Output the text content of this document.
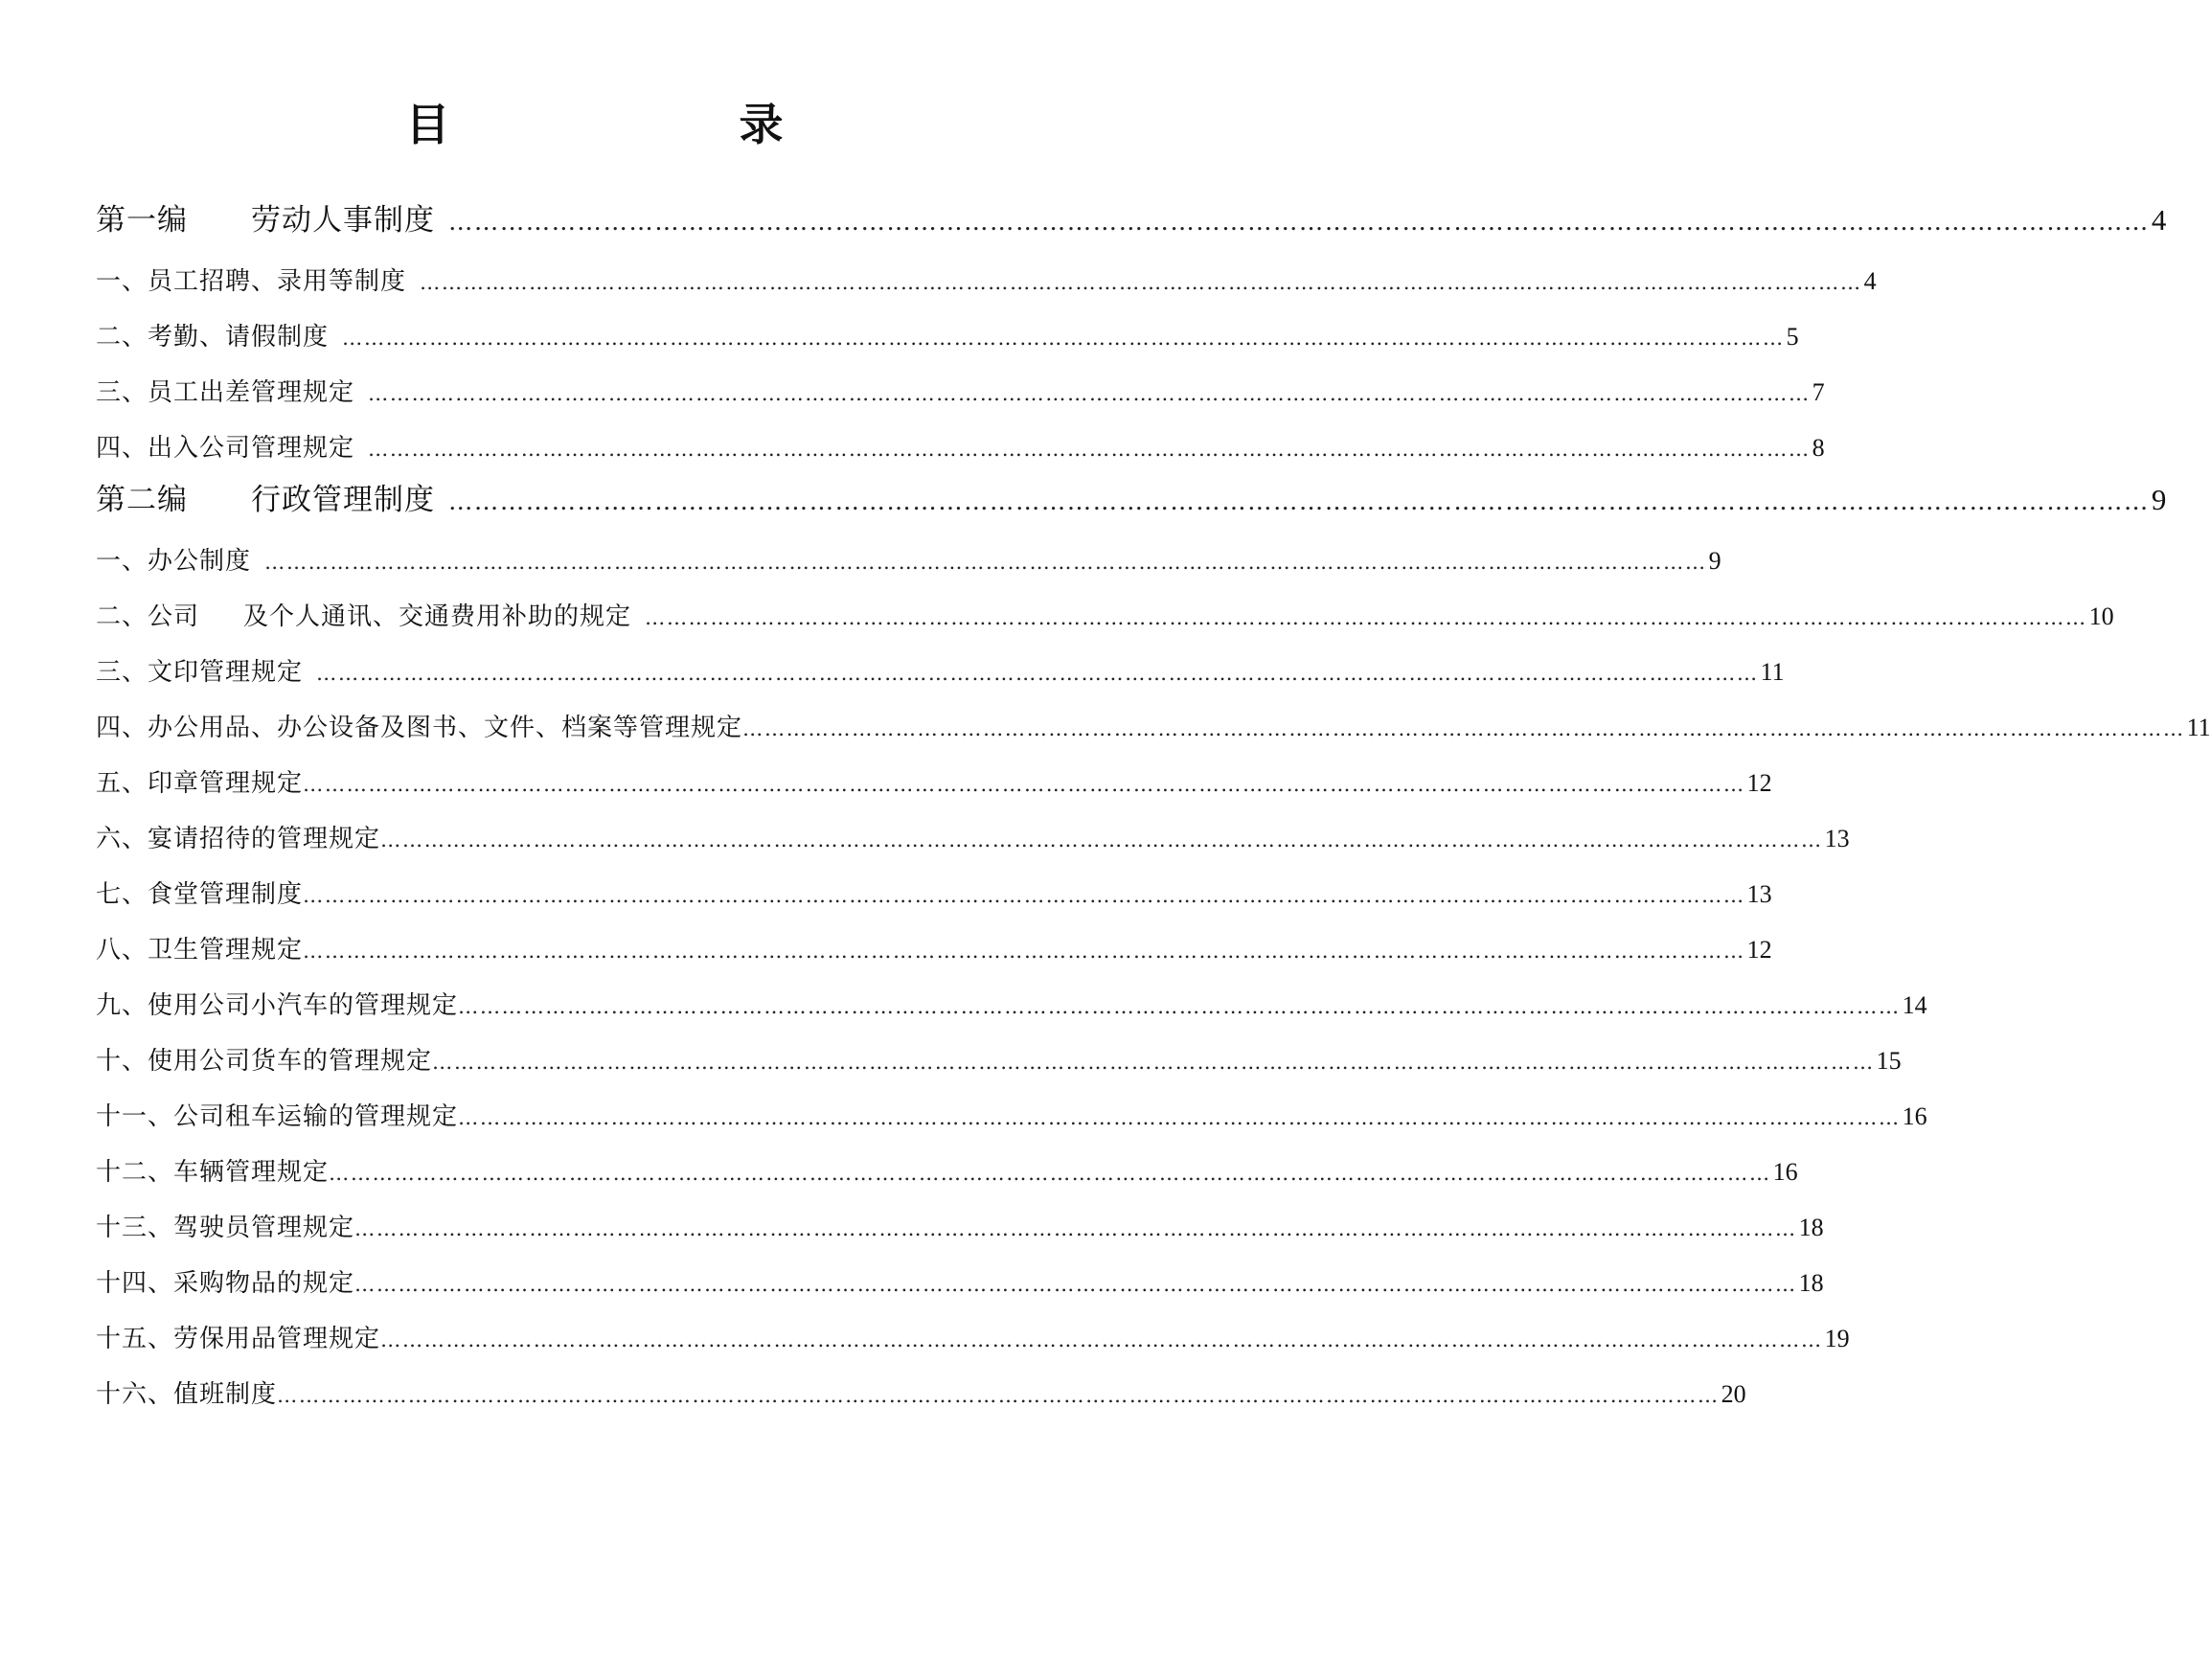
目　录
第一编 劳动人事制度 ……………………………………………………………………………………………………………………………………………………………………………… 4
一、员工招聘、录用等制度 ……………………………………………………………………………………………………………………………………………………………………………… 4
二、考勤、请假制度 ……………………………………………………………………………………………………………………………………………………………………………… 5
三、员工出差管理规定 ……………………………………………………………………………………………………………………………………………………………………………… 7
四、出入公司管理规定 ……………………………………………………………………………………………………………………………………………………………………………… 8
第二编 行政管理制度 ……………………………………………………………………………………………………………………………………………………………………………… 9
一、办公制度 ……………………………………………………………………………………………………………………………………………………………………………… 9
二、公司 及个人通讯、交通费用补助的规定 ……………………………………………………………………………………………………………………………………………………………………………… 10
三、文印管理规定 ……………………………………………………………………………………………………………………………………………………………………………… 11
四、办公用品、办公设备及图书、文件、档案等管理规定 ……………………………………………………………………………………………………………………………………………………………………………… 11
五、印章管理规定 ……………………………………………………………………………………………………………………………………………………………………………… 12
六、宴请招待的管理规定 ……………………………………………………………………………………………………………………………………………………………………………… 13
七、食堂管理制度 ……………………………………………………………………………………………………………………………………………………………………………… 13
八、卫生管理规定 ……………………………………………………………………………………………………………………………………………………………………………… 12
九、使用公司小汽车的管理规定 ……………………………………………………………………………………………………………………………………………………………………………… 14
十、使用公司货车的管理规定 ……………………………………………………………………………………………………………………………………………………………………………… 15
十一、公司租车运输的管理规定 ……………………………………………………………………………………………………………………………………………………………………………… 16
十二、车辆管理规定 ……………………………………………………………………………………………………………………………………………………………………………… 16
十三、驾驶员管理规定 ……………………………………………………………………………………………………………………………………………………………………………… 18
十四、采购物品的规定 ……………………………………………………………………………………………………………………………………………………………………………… 18
十五、劳保用品管理规定 ……………………………………………………………………………………………………………………………………………………………………………… 19
十六、值班制度 ……………………………………………………………………………………………………………………………………………………………………………… 20
